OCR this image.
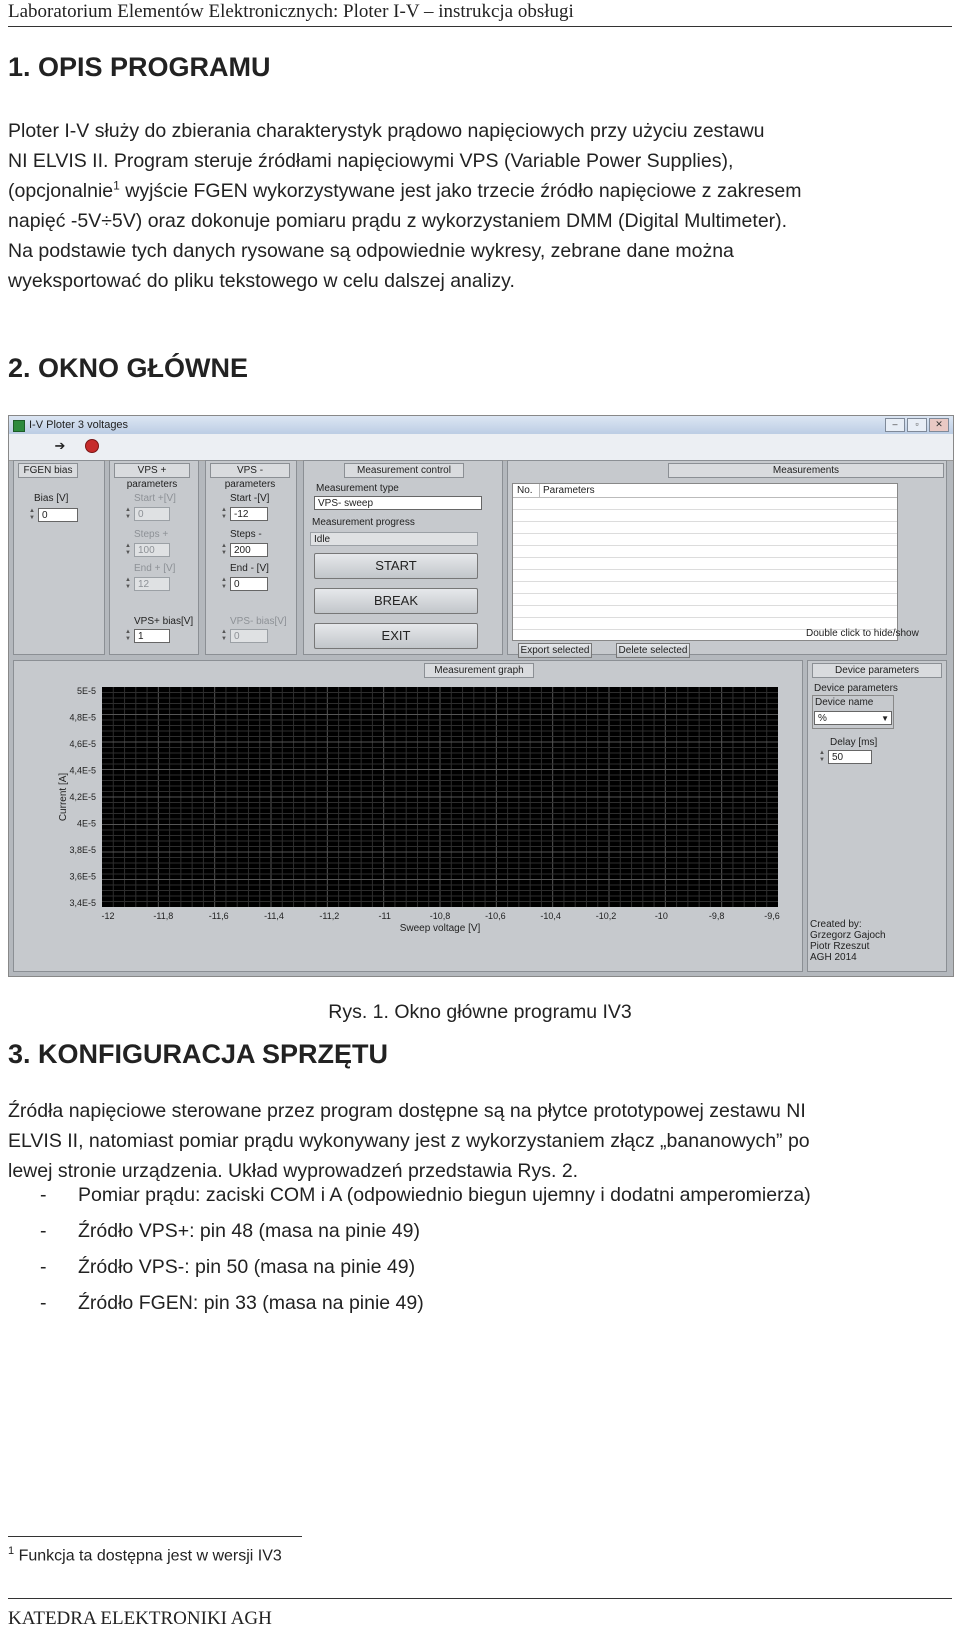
Laboratorium Elementów Elektronicznych: Ploter I-V – instrukcja obsługi
1. OPIS PROGRAMU
Ploter I-V służy do zbierania charakterystyk prądowo napięciowych przy użyciu zestawu
NI ELVIS II. Program steruje źródłami napięciowymi VPS (Variable Power Supplies),
(opcjonalnie$^1$ wyjście FGEN wykorzystywane jest jako trzecie źródło napięciowe z zakresem
napięć -5V÷5V) oraz dokonuje pomiaru prądu z wykorzystaniem DMM (Digital Multimeter).
Na podstawie tych danych rysowane są odpowiednie wykresy, zebrane dane można
wyeksportować do pliku tekstowego w celu dalszej analizy.
2. OKNO GŁÓWNE
I-V Ploter 3 voltages	–	▫	✕
➔
FGEN bias
Bias [V]
▲
▼ 0
VPS + parameters
Start +[V]
▲
▼ 0
Steps +
▲
▼ 100
End + [V]
▲
▼ 12
VPS+ bias[V]
▲
▼ 1
VPS - parameters
Start -[V]
▲
▼ -12
Steps -
▲
▼ 200
End - [V]
▲
▼ 0
VPS- bias[V]
▲
▼ 0
Measurement control
Measurement type
VPS- sweep
Measurement progress
Idle
START
BREAK
EXIT
Measurements
No. Parameters
Export selected	Delete selected
Double click to hide/show
Measurement graph
5E-5
4,8E-5
4,6E-5
4,4E-5
4,2E-5
4E-5
3,8E-5
3,6E-5
3,4E-5
-12	-11,8	-11,6	-11,4	-11,2	-11	-10,8	-10,6	-10,4	-10,2	-10	-9,8	-9,6
Sweep voltage [V]
Current [A]
Device parameters
Device parameters
Device name
%	▼
Delay [ms]
▲
▼ 50
Created by:
Grzegorz Gajoch
Piotr Rzeszut
AGH 2014
Rys. 1. Okno główne programu IV3
3. KONFIGURACJA SPRZĘTU
Źródła napięciowe sterowane przez program dostępne są na płytce prototypowej zestawu NI
ELVIS II, natomiast pomiar prądu wykonywany jest z wykorzystaniem złącz „bananowych” po
lewej stronie urządzenia. Układ wyprowadzeń przedstawia Rys. 2.
- Pomiar prądu: zaciski COM i A (odpowiednio biegun ujemny i dodatni amperomierza)
- Źródło VPS+: pin 48 (masa na pinie 49)
- Źródło VPS-: pin 50 (masa na pinie 49)
- Źródło FGEN: pin 33 (masa na pinie 49)
$^1$ Funkcja ta dostępna jest w wersji IV3
KATEDRA ELEKTRONIKI AGH
